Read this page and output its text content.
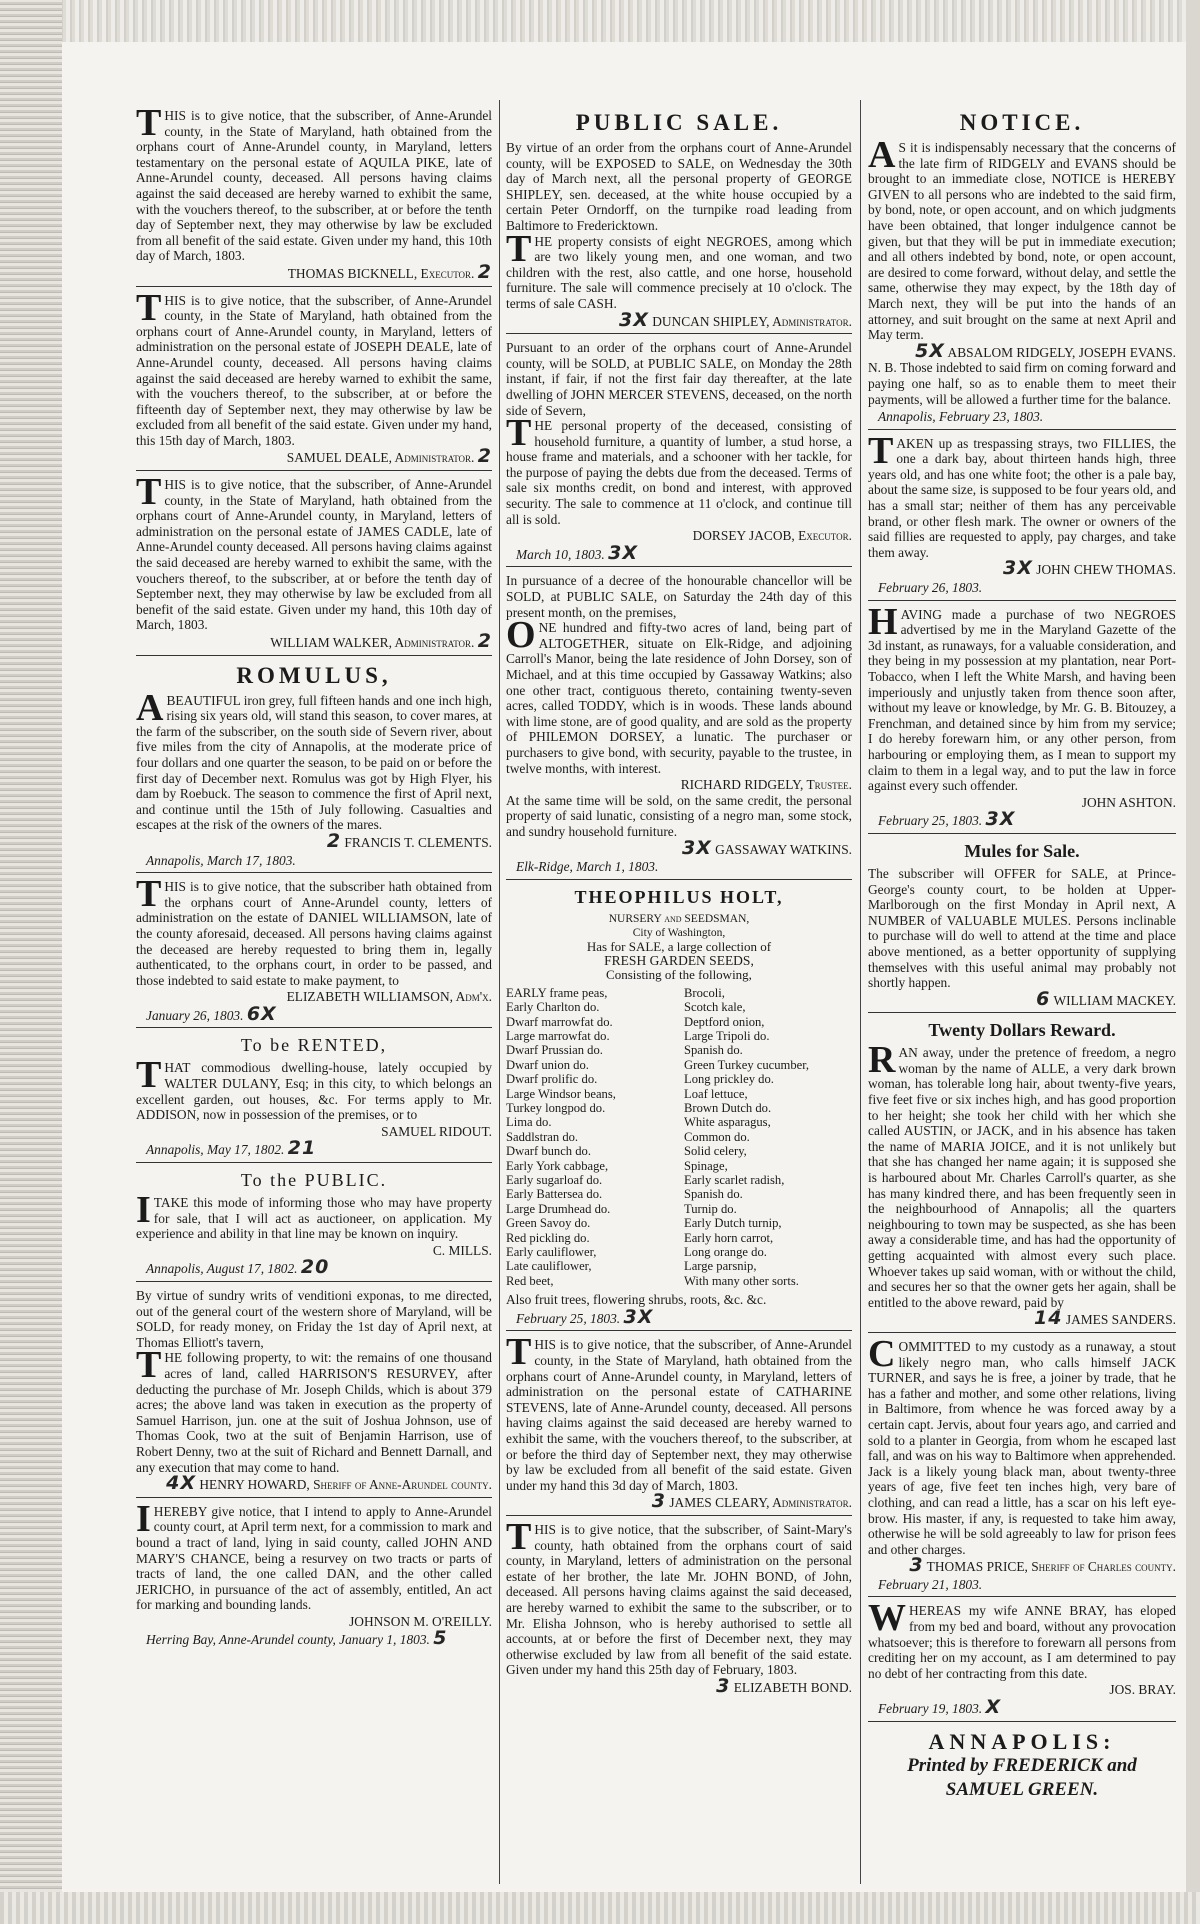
THIS is to give notice, that the subscriber, of Anne-Arundel county, in the State of Maryland, hath obtained from the orphans court of Anne-Arundel county, in Maryland, letters testamentary on the personal estate of AQUILA PIKE, late of Anne-Arundel county, deceased. All persons having claims against the said deceased are hereby warned to exhibit the same, with the vouchers thereof, to the subscriber, at or before the tenth day of September next, they may otherwise by law be excluded from all benefit of the said estate. Given under my hand, this 10th day of March, 1803.

THOMAS BICKNELL, Executor. 2

THIS is to give notice, that the subscriber, of Anne-Arundel county, in the State of Maryland, hath obtained from the orphans court of Anne-Arundel county, in Maryland, letters of administration on the personal estate of JOSEPH DEALE, late of Anne-Arundel county, deceased. All persons having claims against the said deceased are hereby warned to exhibit the same, with the vouchers thereof, to the subscriber, at or before the fifteenth day of September next, they may otherwise by law be excluded from all benefit of the said estate. Given under my hand, this 15th day of March, 1803.

SAMUEL DEALE, Administrator. 2

THIS is to give notice, that the subscriber, of Anne-Arundel county, in the State of Maryland, hath obtained from the orphans court of Anne-Arundel county, in Maryland, letters of administration on the personal estate of JAMES CADLE, late of Anne-Arundel county deceased. All persons having claims against the said deceased are hereby warned to exhibit the same, with the vouchers thereof, to the subscriber, at or before the tenth day of September next, they may otherwise by law be excluded from all benefit of the said estate. Given under my hand, this 10th day of March, 1803.

WILLIAM WALKER, Administrator. 2
ROMULUS,

ABEAUTIFUL iron grey, full fifteen hands and one inch high, rising six years old, will stand this season, to cover mares, at the farm of the subscriber, on the south side of Severn river, about five miles from the city of Annapolis, at the moderate price of four dollars and one quarter the season, to be paid on or before the first day of December next. Romulus was got by High Flyer, his dam by Roebuck. The season to commence the first of April next, and continue until the 15th of July following. Casualties and escapes at the risk of the owners of the mares.

2 FRANCIS T. CLEMENTS.
Annapolis, March 17, 1803.

THIS is to give notice, that the subscriber hath obtained from the orphans court of Anne-Arundel county, letters of administration on the estate of DANIEL WILLIAMSON, late of the county aforesaid, deceased. All persons having claims against the deceased are hereby requested to bring them in, legally authenticated, to the orphans court, in order to be passed, and those indebted to said estate to make payment, to

ELIZABETH WILLIAMSON, Adm'x.
January 26, 1803. 6X
To be RENTED,

THAT commodious dwelling-house, lately occupied by WALTER DULANY, Esq; in this city, to which belongs an excellent garden, out houses, &c. For terms apply to Mr. ADDISON, now in possession of the premises, or to

SAMUEL RIDOUT.
Annapolis, May 17, 1802. 21
To the PUBLIC.

ITAKE this mode of informing those who may have property for sale, that I will act as auctioneer, on application. My experience and ability in that line may be known on inquiry.

C. MILLS.
Annapolis, August 17, 1802. 20

By virtue of sundry writs of venditioni exponas, to me directed, out of the general court of the western shore of Maryland, will be SOLD, for ready money, on Friday the 1st day of April next, at Thomas Elliott's tavern,

THE following property, to wit: the remains of one thousand acres of land, called HARRISON'S RESURVEY, after deducting the purchase of Mr. Joseph Childs, which is about 379 acres; the above land was taken in execution as the property of Samuel Harrison, jun. one at the suit of Joshua Johnson, use of Thomas Cook, two at the suit of Benjamin Harrison, use of Robert Denny, two at the suit of Richard and Bennett Darnall, and any execution that may come to hand.

4X HENRY HOWARD, Sheriff of Anne-Arundel county.

IHEREBY give notice, that I intend to apply to Anne-Arundel county court, at April term next, for a commission to mark and bound a tract of land, lying in said county, called JOHN AND MARY'S CHANCE, being a resurvey on two tracts or parts of tracts of land, the one called DAN, and the other called JERICHO, in pursuance of the act of assembly, entitled, An act for marking and bounding lands.

JOHNSON M. O'REILLY.
Herring Bay, Anne-Arundel county, January 1, 1803. 5
PUBLIC SALE.

By virtue of an order from the orphans court of Anne-Arundel county, will be EXPOSED to SALE, on Wednesday the 30th day of March next, all the personal property of GEORGE SHIPLEY, sen. deceased, at the white house occupied by a certain Peter Orndorff, on the turnpike road leading from Baltimore to Fredericktown.

THE property consists of eight NEGROES, among which are two likely young men, and one woman, and two children with the rest, also cattle, and one horse, household furniture. The sale will commence precisely at 10 o'clock. The terms of sale CASH.

3X DUNCAN SHIPLEY, Administrator.

Pursuant to an order of the orphans court of Anne-Arundel county, will be SOLD, at PUBLIC SALE, on Monday the 28th instant, if fair, if not the first fair day thereafter, at the late dwelling of JOHN MERCER STEVENS, deceased, on the north side of Severn,

THE personal property of the deceased, consisting of household furniture, a quantity of lumber, a stud horse, a house frame and materials, and a schooner with her tackle, for the purpose of paying the debts due from the deceased. Terms of sale six months credit, on bond and interest, with approved security. The sale to commence at 11 o'clock, and continue till all is sold.

DORSEY JACOB, Executor.
March 10, 1803. 3X

In pursuance of a decree of the honourable chancellor will be SOLD, at PUBLIC SALE, on Saturday the 24th day of this present month, on the premises,

ONE hundred and fifty-two acres of land, being part of ALTOGETHER, situate on Elk-Ridge, and adjoining Carroll's Manor, being the late residence of John Dorsey, son of Michael, and at this time occupied by Gassaway Watkins; also one other tract, contiguous thereto, containing twenty-seven acres, called TODDY, which is in woods. These lands abound with lime stone, are of good quality, and are sold as the property of PHILEMON DORSEY, a lunatic. The purchaser or purchasers to give bond, with security, payable to the trustee, in twelve months, with interest.

RICHARD RIDGELY, Trustee.

At the same time will be sold, on the same credit, the personal property of said lunatic, consisting of a negro man, some stock, and sundry household furniture.

3X GASSAWAY WATKINS.
Elk-Ridge, March 1, 1803.
THEOPHILUS HOLT,
NURSERY and SEEDSMAN,
City of Washington,
Has for SALE, a large collection of
FRESH GARDEN SEEDS,
Consisting of the following,
EARLY frame peas,
Early Charlton do.
Dwarf marrowfat do.
Large marrowfat do.
Dwarf Prussian do.
Dwarf union do.
Dwarf prolific do.
Large Windsor beans,
Turkey longpod do.
Lima do.
Saddlstran do.
Dwarf bunch do.
Early York cabbage,
Early sugarloaf do.
Early Battersea do.
Large Drumhead do.
Green Savoy do.
Red pickling do.
Early cauliflower,
Late cauliflower,
Red beet,
Brocoli,
Scotch kale,
Deptford onion,
Large Tripoli do.
Spanish do.
Green Turkey cucumber,
Long prickley do.
Loaf lettuce,
Brown Dutch do.
White asparagus,
Common do.
Solid celery,
Spinage,
Early scarlet radish,
Spanish do.
Turnip do.
Early Dutch turnip,
Early horn carrot,
Long orange do.
Large parsnip,
With many other sorts.

Also fruit trees, flowering shrubs, roots, &c. &c.

February 25, 1803. 3X

THIS is to give notice, that the subscriber, of Anne-Arundel county, in the State of Maryland, hath obtained from the orphans court of Anne-Arundel county, in Maryland, letters of administration on the personal estate of CATHARINE STEVENS, late of Anne-Arundel county, deceased. All persons having claims against the said deceased are hereby warned to exhibit the same, with the vouchers thereof, to the subscriber, at or before the third day of September next, they may otherwise by law be excluded from all benefit of the said estate. Given under my hand this 3d day of March, 1803.

3 JAMES CLEARY, Administrator.

THIS is to give notice, that the subscriber, of Saint-Mary's county, hath obtained from the orphans court of said county, in Maryland, letters of administration on the personal estate of her brother, the late Mr. JOHN BOND, of John, deceased. All persons having claims against the said deceased, are hereby warned to exhibit the same to the subscriber, or to Mr. Elisha Johnson, who is hereby authorised to settle all accounts, at or before the first of December next, they may otherwise excluded by law from all benefit of the said estate. Given under my hand this 25th day of February, 1803.

3 ELIZABETH BOND.
NOTICE.

AS it is indispensably necessary that the concerns of the late firm of RIDGELY and EVANS should be brought to an immediate close, NOTICE is HEREBY GIVEN to all persons who are indebted to the said firm, by bond, note, or open account, and on which judgments have been obtained, that longer indulgence cannot be given, but that they will be put in immediate execution; and all others indebted by bond, note, or open account, are desired to come forward, without delay, and settle the same, otherwise they may expect, by the 18th day of March next, they will be put into the hands of an attorney, and suit brought on the same at next April and May term.

5X ABSALOM RIDGELY, JOSEPH EVANS.

N. B. Those indebted to said firm on coming forward and paying one half, so as to enable them to meet their payments, will be allowed a further time for the balance.

Annapolis, February 23, 1803.

TAKEN up as trespassing strays, two FILLIES, the one a dark bay, about thirteen hands high, three years old, and has one white foot; the other is a pale bay, about the same size, is supposed to be four years old, and has a small star; neither of them has any perceivable brand, or other flesh mark. The owner or owners of the said fillies are requested to apply, pay charges, and take them away.

3X JOHN CHEW THOMAS.
February 26, 1803.

HAVING made a purchase of two NEGROES advertised by me in the Maryland Gazette of the 3d instant, as runaways, for a valuable consideration, and they being in my possession at my plantation, near Port-Tobacco, when I left the White Marsh, and having been imperiously and unjustly taken from thence soon after, without my leave or knowledge, by Mr. G. B. Bitouzey, a Frenchman, and detained since by him from my service; I do hereby forewarn him, or any other person, from harbouring or employing them, as I mean to support my claim to them in a legal way, and to put the law in force against every such offender.

JOHN ASHTON.
February 25, 1803. 3X
Mules for Sale.

The subscriber will OFFER for SALE, at Prince-George's county court, to be holden at Upper-Marlborough on the first Monday in April next, A NUMBER of VALUABLE MULES. Persons inclinable to purchase will do well to attend at the time and place above mentioned, as a better opportunity of supplying themselves with this useful animal may probably not shortly happen.

6 WILLIAM MACKEY.
Twenty Dollars Reward.

RAN away, under the pretence of freedom, a negro woman by the name of ALLE, a very dark brown woman, has tolerable long hair, about twenty-five years, five feet five or six inches high, and has good proportion to her height; she took her child with her which she called AUSTIN, or JACK, and in his absence has taken the name of MARIA JOICE, and it is not unlikely but that she has changed her name again; it is supposed she is harboured about Mr. Charles Carroll's quarter, as she has many kindred there, and has been frequently seen in the neighbourhood of Annapolis; all the quarters neighbouring to town may be suspected, as she has been away a considerable time, and has had the opportunity of getting acquainted with almost every such place. Whoever takes up said woman, with or without the child, and secures her so that the owner gets her again, shall be entitled to the above reward, paid by

14 JAMES SANDERS.

COMMITTED to my custody as a runaway, a stout likely negro man, who calls himself JACK TURNER, and says he is free, a joiner by trade, that he has a father and mother, and some other relations, living in Baltimore, from whence he was forced away by a certain capt. Jervis, about four years ago, and carried and sold to a planter in Georgia, from whom he escaped last fall, and was on his way to Baltimore when apprehended. Jack is a likely young black man, about twenty-three years of age, five feet ten inches high, very bare of clothing, and can read a little, has a scar on his left eye-brow. His master, if any, is requested to take him away, otherwise he will be sold agreeably to law for prison fees and other charges.

3 THOMAS PRICE, Sheriff of Charles county.
February 21, 1803.

WHEREAS my wife ANNE BRAY, has eloped from my bed and board, without any provocation whatsoever; this is therefore to forewarn all persons from crediting her on my account, as I am determined to pay no debt of her contracting from this date.

JOS. BRAY.
February 19, 1803. X
ANNAPOLIS:
Printed by FREDERICK and SAMUEL GREEN.
